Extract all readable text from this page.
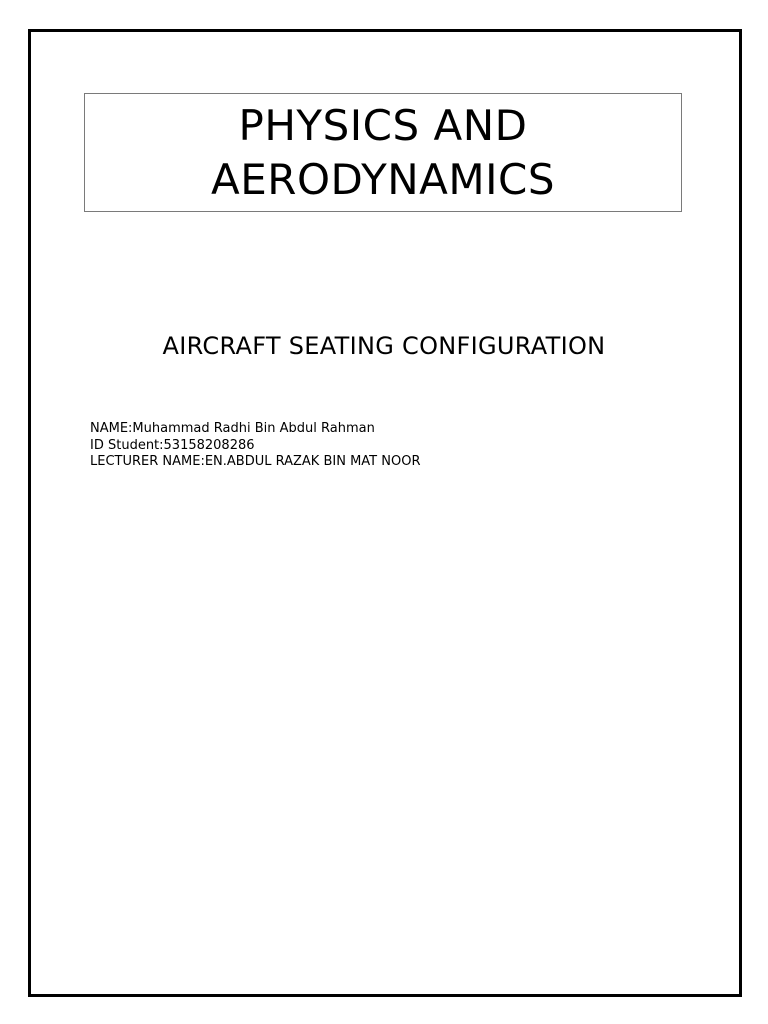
PHYSICS AND
AERODYNAMICS
AIRCRAFT SEATING CONFIGURATION
NAME:Muhammad Radhi Bin Abdul Rahman
ID Student:53158208286
LECTURER NAME:EN.ABDUL RAZAK BIN MAT NOOR
